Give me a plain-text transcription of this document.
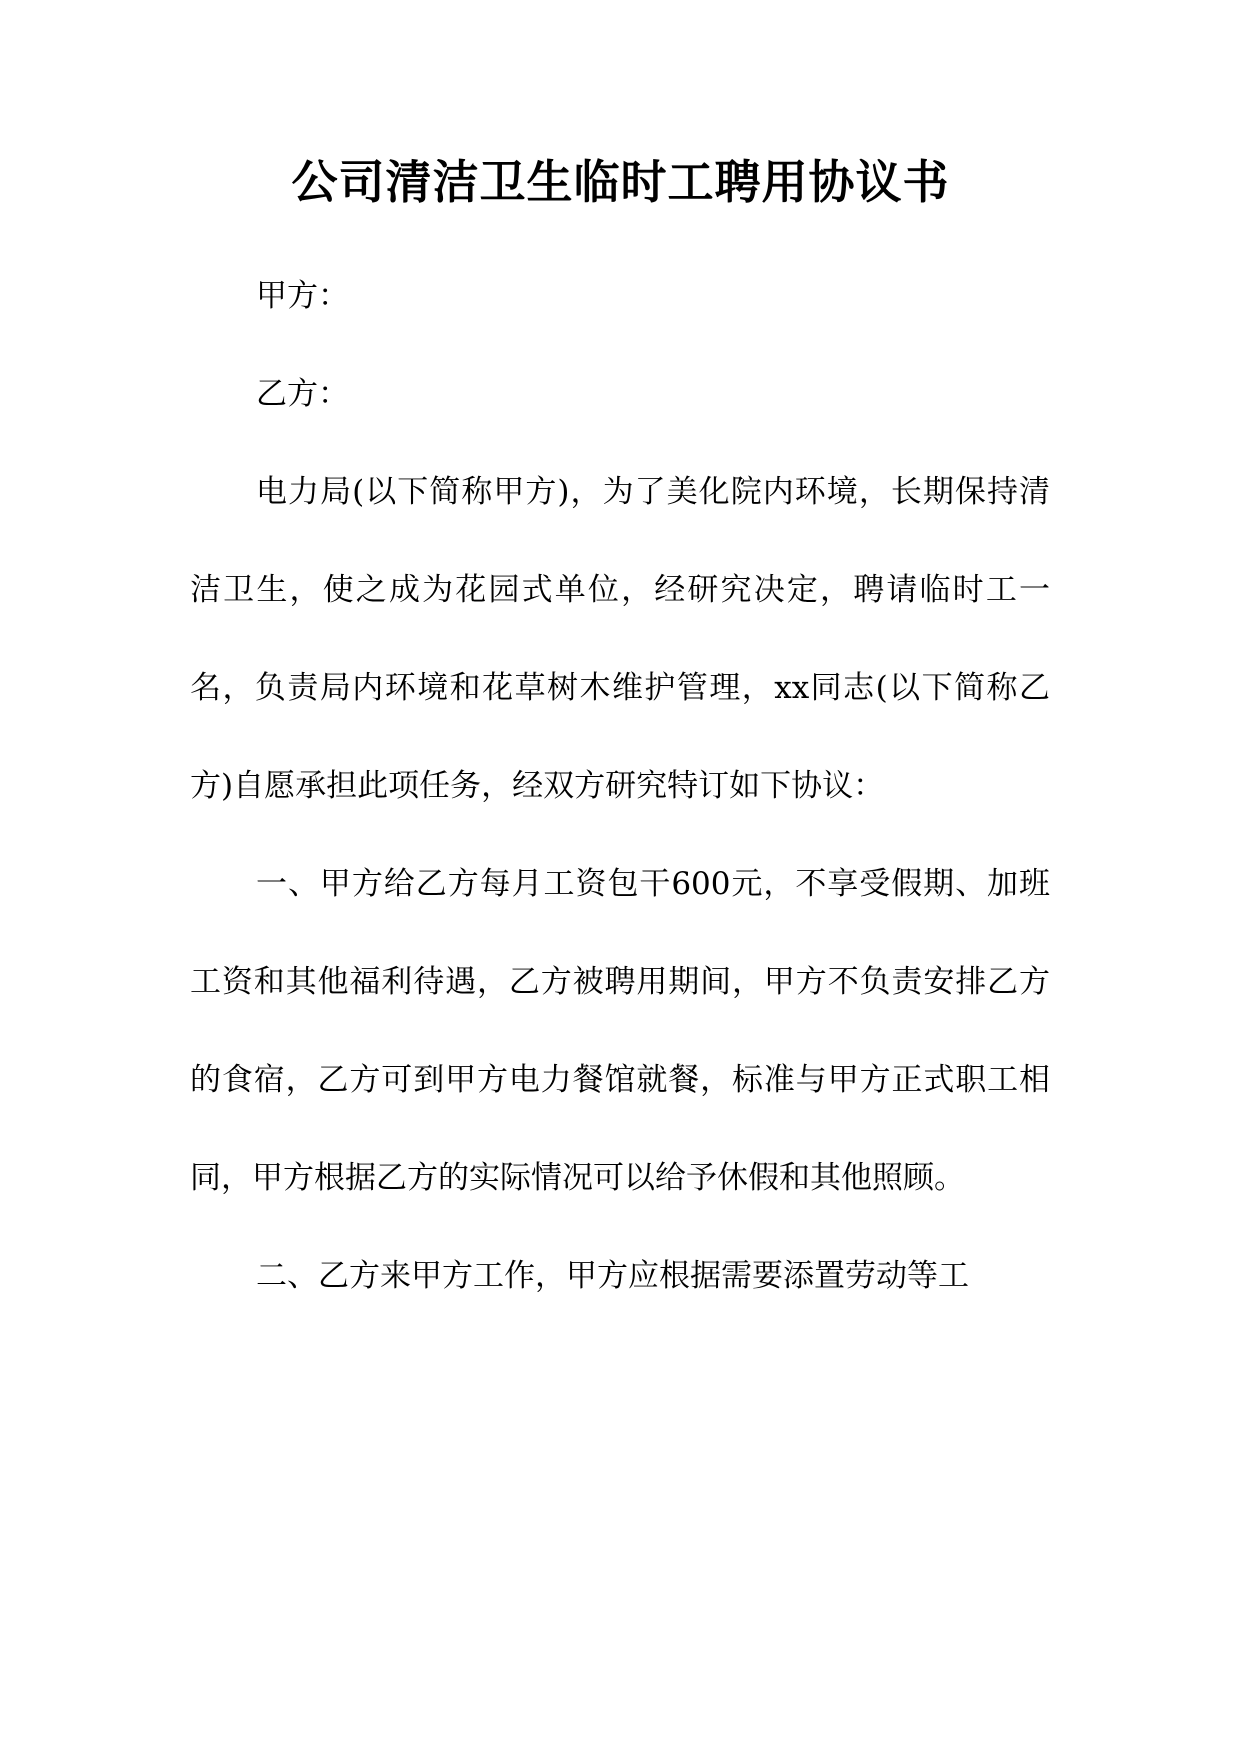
公司清洁卫生临时工聘用协议书

甲方：

乙方：

电力局(以下简称甲方)，为了美化院内环境，长期保持清洁卫生，使之成为花园式单位，经研究决定，聘请临时工一名，负责局内环境和花草树木维护管理，xx同志(以下简称乙方)自愿承担此项任务，经双方研究特订如下协议：

一、甲方给乙方每月工资包干600元，不享受假期、加班工资和其他福利待遇，乙方被聘用期间，甲方不负责安排乙方的食宿，乙方可到甲方电力餐馆就餐，标准与甲方正式职工相同，甲方根据乙方的实际情况可以给予休假和其他照顾。

二、乙方来甲方工作，甲方应根据需要添置劳动等工
